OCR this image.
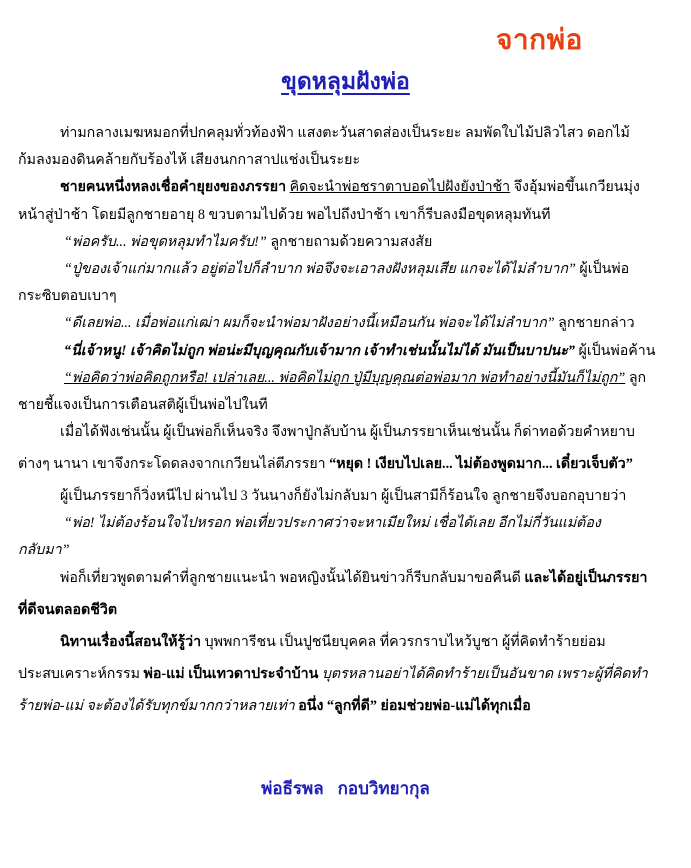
จากพ่อ
ขุดหลุมฝังพ่อ
ท่ามกลางเมฆหมอกที่ปกคลุมทั่วท้องฟ้า แสงตะวันสาดส่องเป็นระยะ ลมพัดใบไม้ปลิวไสว ดอกไม้
ก้มลงมองดินคล้ายกับร้องไห้ เสียงนกกาสาปแช่งเป็นระยะ
ชายคนหนึ่งหลงเชื่อคำยุยงของภรรยา คิดจะนำพ่อชราตาบอดไปฝังยังป่าช้า จึงอุ้มพ่อขึ้นเกวียนมุ่ง
หน้าสู่ป่าช้า โดยมีลูกชายอายุ 8 ขวบตามไปด้วย พอไปถึงป่าช้า เขาก็รีบลงมือขุดหลุมทันที
“พ่อครับ... พ่อขุดหลุมทำไมครับ!” ลูกชายถามด้วยความสงสัย
“ปู่ของเจ้าแก่มากแล้ว อยู่ต่อไปก็ลำบาก พ่อจึงจะเอาลงฝังหลุมเสีย แกจะได้ไม่ลำบาก” ผู้เป็นพ่อ
กระซิบตอบเบาๆ
“ดีเลยพ่อ... เมื่อพ่อแก่เฒ่า ผมก็จะนำพ่อมาฝังอย่างนี้เหมือนกัน พ่อจะได้ไม่ลำบาก” ลูกชายกล่าว
“นี่เจ้าหนู! เจ้าคิดไม่ถูก พ่อน่ะมีบุญคุณกับเจ้ามาก เจ้าทำเช่นนั้นไม่ได้ มันเป็นบาปนะ” ผู้เป็นพ่อค้าน
“พ่อคิดว่าพ่อคิดถูกหรือ! เปล่าเลย... พ่อคิดไม่ถูก ปู่มีบุญคุณต่อพ่อมาก พ่อทำอย่างนี้มันก็ไม่ถูก” ลูก
ชายชี้แจงเป็นการเตือนสติผู้เป็นพ่อไปในที
เมื่อได้ฟังเช่นนั้น ผู้เป็นพ่อก็เห็นจริง จึงพาปู่กลับบ้าน ผู้เป็นภรรยาเห็นเช่นนั้น ก็ด่าทอด้วยคำหยาบ
ต่างๆ นานา เขาจึงกระโดดลงจากเกวียนไล่ตีภรรยา “หยุด ! เงียบไปเลย... ไม่ต้องพูดมาก... เดี๋ยวเจ็บตัว”
ผู้เป็นภรรยาก็วิ่งหนีไป ผ่านไป 3 วันนางก็ยังไม่กลับมา ผู้เป็นสามีก็ร้อนใจ ลูกชายจึงบอกอุบายว่า
“พ่อ! ไม่ต้องร้อนใจไปหรอก พ่อเที่ยวประกาศว่าจะหาเมียใหม่ เชื่อได้เลย อีกไม่กี่วันแม่ต้อง
กลับมา”
พ่อก็เที่ยวพูดตามคำที่ลูกชายแนะนำ พอหญิงนั้นได้ยินข่าวก็รีบกลับมาขอคืนดี และได้อยู่เป็นภรรยา
ที่ดีจนตลอดชีวิต
นิทานเรื่องนี้สอนให้รู้ว่า บุพพการีชน เป็นปูชนียบุคคล ที่ควรกราบไหว้บูชา ผู้ที่คิดทำร้ายย่อม
ประสบเคราะห์กรรม พ่อ-แม่ เป็นเทวดาประจำบ้าน บุตรหลานอย่าได้คิดทำร้ายเป็นอันขาด เพราะผู้ที่คิดทำ
ร้ายพ่อ-แม่ จะต้องได้รับทุกข์มากกว่าหลายเท่า อนึ่ง “ลูกที่ดี” ย่อมช่วยพ่อ-แม่ได้ทุกเมื่อ
พ่อธีรพล กอบวิทยากุล
